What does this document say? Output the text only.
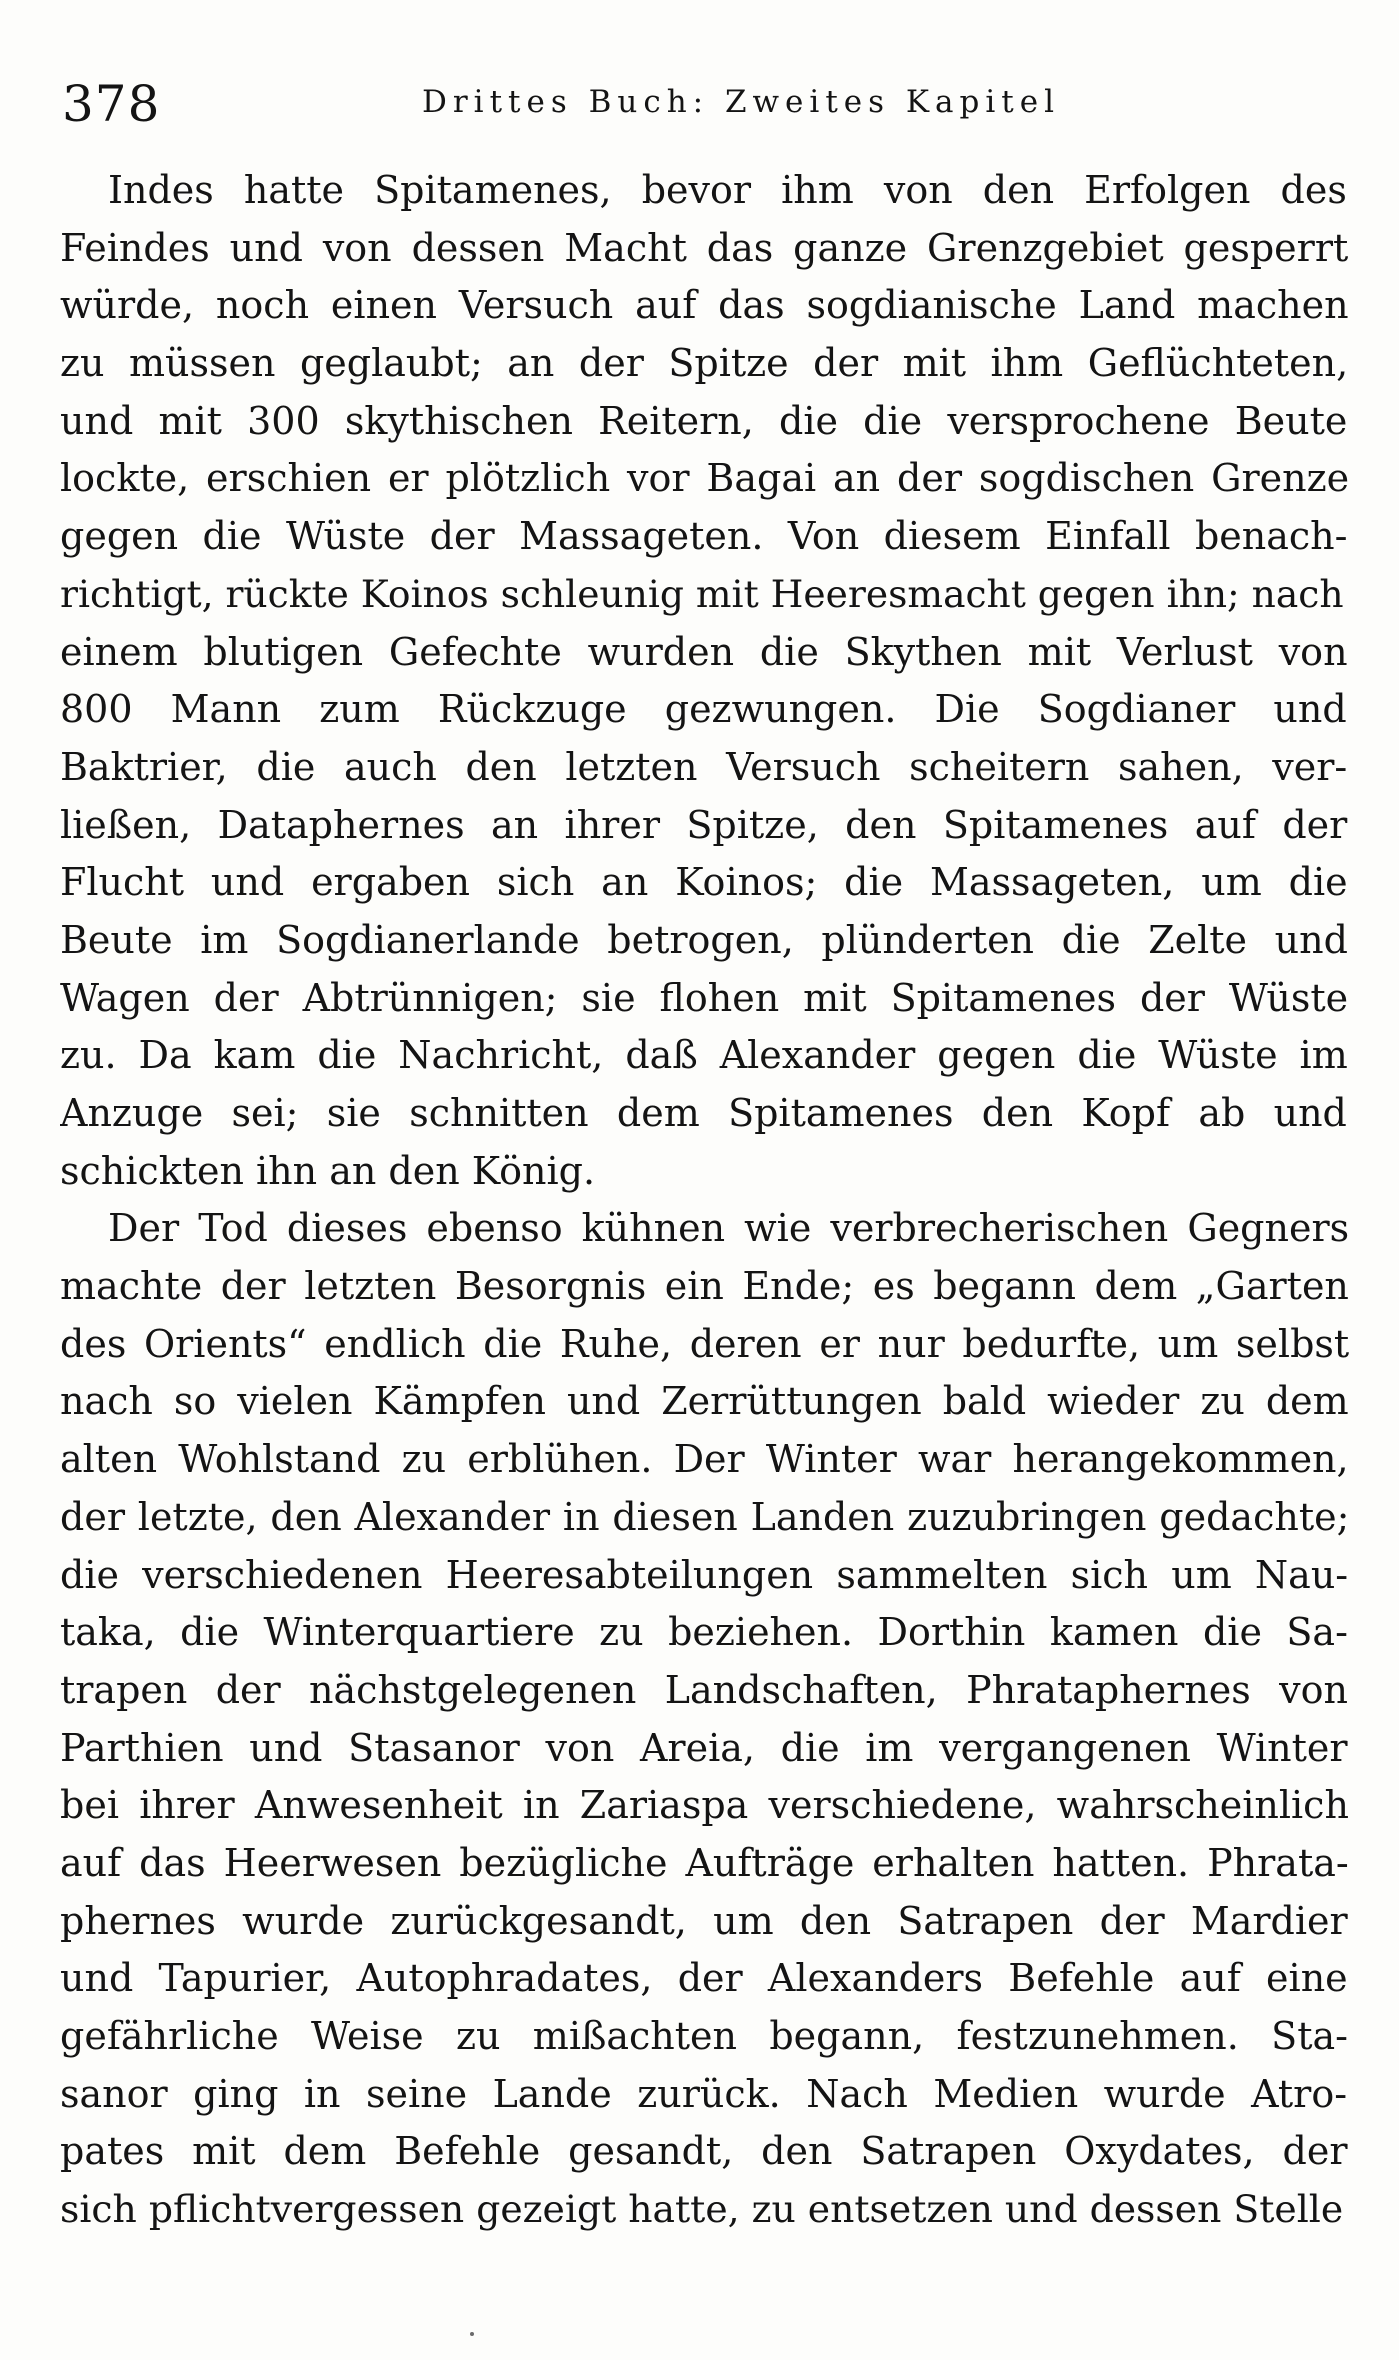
378	Drittes Buch: Zweites Kapitel

Indes hatte Spitamenes, bevor ihm von den Erfolgen des
Feindes und von dessen Macht das ganze Grenzgebiet gesperrt
würde, noch einen Versuch auf das sogdianische Land machen
zu müssen geglaubt; an der Spitze der mit ihm Geflüchteten,
und mit 300 skythischen Reitern, die die versprochene Beute
lockte, erschien er plötzlich vor Bagai an der sogdischen Grenze
gegen die Wüste der Massageten. Von diesem Einfall benach-
richtigt, rückte Koinos schleunig mit Heeresmacht gegen ihn; nach
einem blutigen Gefechte wurden die Skythen mit Verlust von
800 Mann zum Rückzuge gezwungen. Die Sogdianer und
Baktrier, die auch den letzten Versuch scheitern sahen, ver-
ließen, Dataphernes an ihrer Spitze, den Spitamenes auf der
Flucht und ergaben sich an Koinos; die Massageten, um die
Beute im Sogdianerlande betrogen, plünderten die Zelte und
Wagen der Abtrünnigen; sie flohen mit Spitamenes der Wüste
zu. Da kam die Nachricht, daß Alexander gegen die Wüste im
Anzuge sei; sie schnitten dem Spitamenes den Kopf ab und
schickten ihn an den König.

Der Tod dieses ebenso kühnen wie verbrecherischen Gegners
machte der letzten Besorgnis ein Ende; es begann dem „Garten
des Orients“ endlich die Ruhe, deren er nur bedurfte, um selbst
nach so vielen Kämpfen und Zerrüttungen bald wieder zu dem
alten Wohlstand zu erblühen. Der Winter war herangekommen,
der letzte, den Alexander in diesen Landen zuzubringen gedachte;
die verschiedenen Heeresabteilungen sammelten sich um Nau-
taka, die Winterquartiere zu beziehen. Dorthin kamen die Sa-
trapen der nächstgelegenen Landschaften, Phrataphernes von
Parthien und Stasanor von Areia, die im vergangenen Winter
bei ihrer Anwesenheit in Zariaspa verschiedene, wahrscheinlich
auf das Heerwesen bezügliche Aufträge erhalten hatten. Phrata-
phernes wurde zurückgesandt, um den Satrapen der Mardier
und Tapurier, Autophradates, der Alexanders Befehle auf eine
gefährliche Weise zu mißachten begann, festzunehmen. Sta-
sanor ging in seine Lande zurück. Nach Medien wurde Atro-
pates mit dem Befehle gesandt, den Satrapen Oxydates, der
sich pflichtvergessen gezeigt hatte, zu entsetzen und dessen Stelle
